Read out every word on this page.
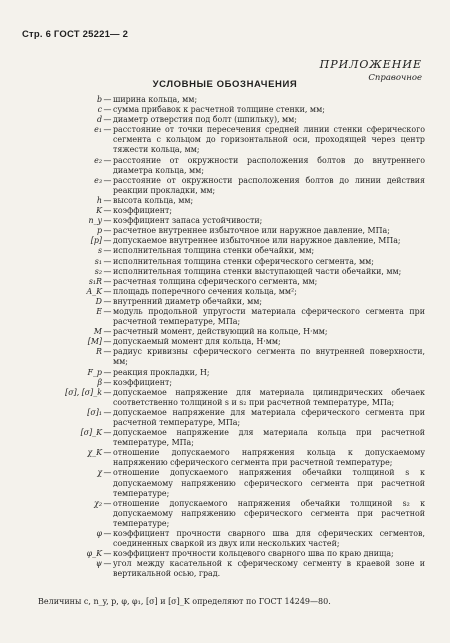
Стр. 6 ГОСТ 25221— 2
ПРИЛОЖЕНИЕ
Справочное
УСЛОВНЫЕ ОБОЗНАЧЕНИЯ
b — ширина кольца, мм;
c — сумма прибавок к расчетной толщине стенки, мм;
d — диаметр отверстия под болт (шпильку), мм;
e₁ — расстояние от точки пересечения средней линии стенки сферического сегмента с кольцом до горизонтальной оси, проходящей через центр тяжести кольца, мм;
e₂ — расстояние от окружности расположения болтов до внутреннего диаметра кольца, мм;
e₃ — расстояние от окружности расположения болтов до линии действия реакции прокладки, мм;
h — высота кольца, мм;
K — коэффициент;
n_y — коэффициент запаса устойчивости;
p — расчетное внутреннее избыточное или наружное давление, МПа;
[p] — допускаемое внутреннее избыточное или наружное давление, МПа;
s — исполнительная толщина стенки обечайки, мм;
s₁ — исполнительная толщина стенки сферического сегмента, мм;
s₂ — исполнительная толщина стенки выступающей части обечайки, мм;
s₁R — расчетная толщина сферического сегмента, мм;
A_K — площадь поперечного сечения кольца, мм²;
D — внутренний диаметр обечайки, мм;
E — модуль продольной упругости материала сферического сегмента при расчетной температуре, МПа;
M — расчетный момент, действующий на кольце, Н·мм;
[M] — допускаемый момент для кольца, Н·мм;
R — радиус кривизны сферического сегмента по внутренней поверхности, мм;
F_p — реакция прокладки, Н;
β — коэффициент;
[σ], [σ]_k — допускаемое напряжение для материала цилиндрических обечаек соответственно толщиной s и s₂ при расчетной температуре, МПа;
[σ]₁ — допускаемое напряжение для материала сферического сегмента при расчетной температуре, МПа;
[σ]_K — допускаемое напряжение для материала кольца при расчетной температуре, МПа;
χ_K — отношение допускаемого напряжения кольца к допускаемому напряжению сферического сегмента при расчетной температуре;
χ — отношение допускаемого напряжения обечайки толщиной s к допускаемому напряжению сферического сегмента при расчетной температуре;
χ₂ — отношение допускаемого напряжения обечайки толщиной s₂ к допускаемому напряжению сферического сегмента при расчетной температуре;
φ — коэффициент прочности сварного шва для сферических сегментов, соединенных сваркой из двух или нескольких частей;
φ_K — коэффициент прочности кольцевого сварного шва по краю днища;
ψ — угол между касательной к сферическому сегменту в краевой зоне и вертикальной осью, град.
Величины c, n_y, p, φ, φ₁, [σ] и [σ]_K определяют по ГОСТ 14249—80.
